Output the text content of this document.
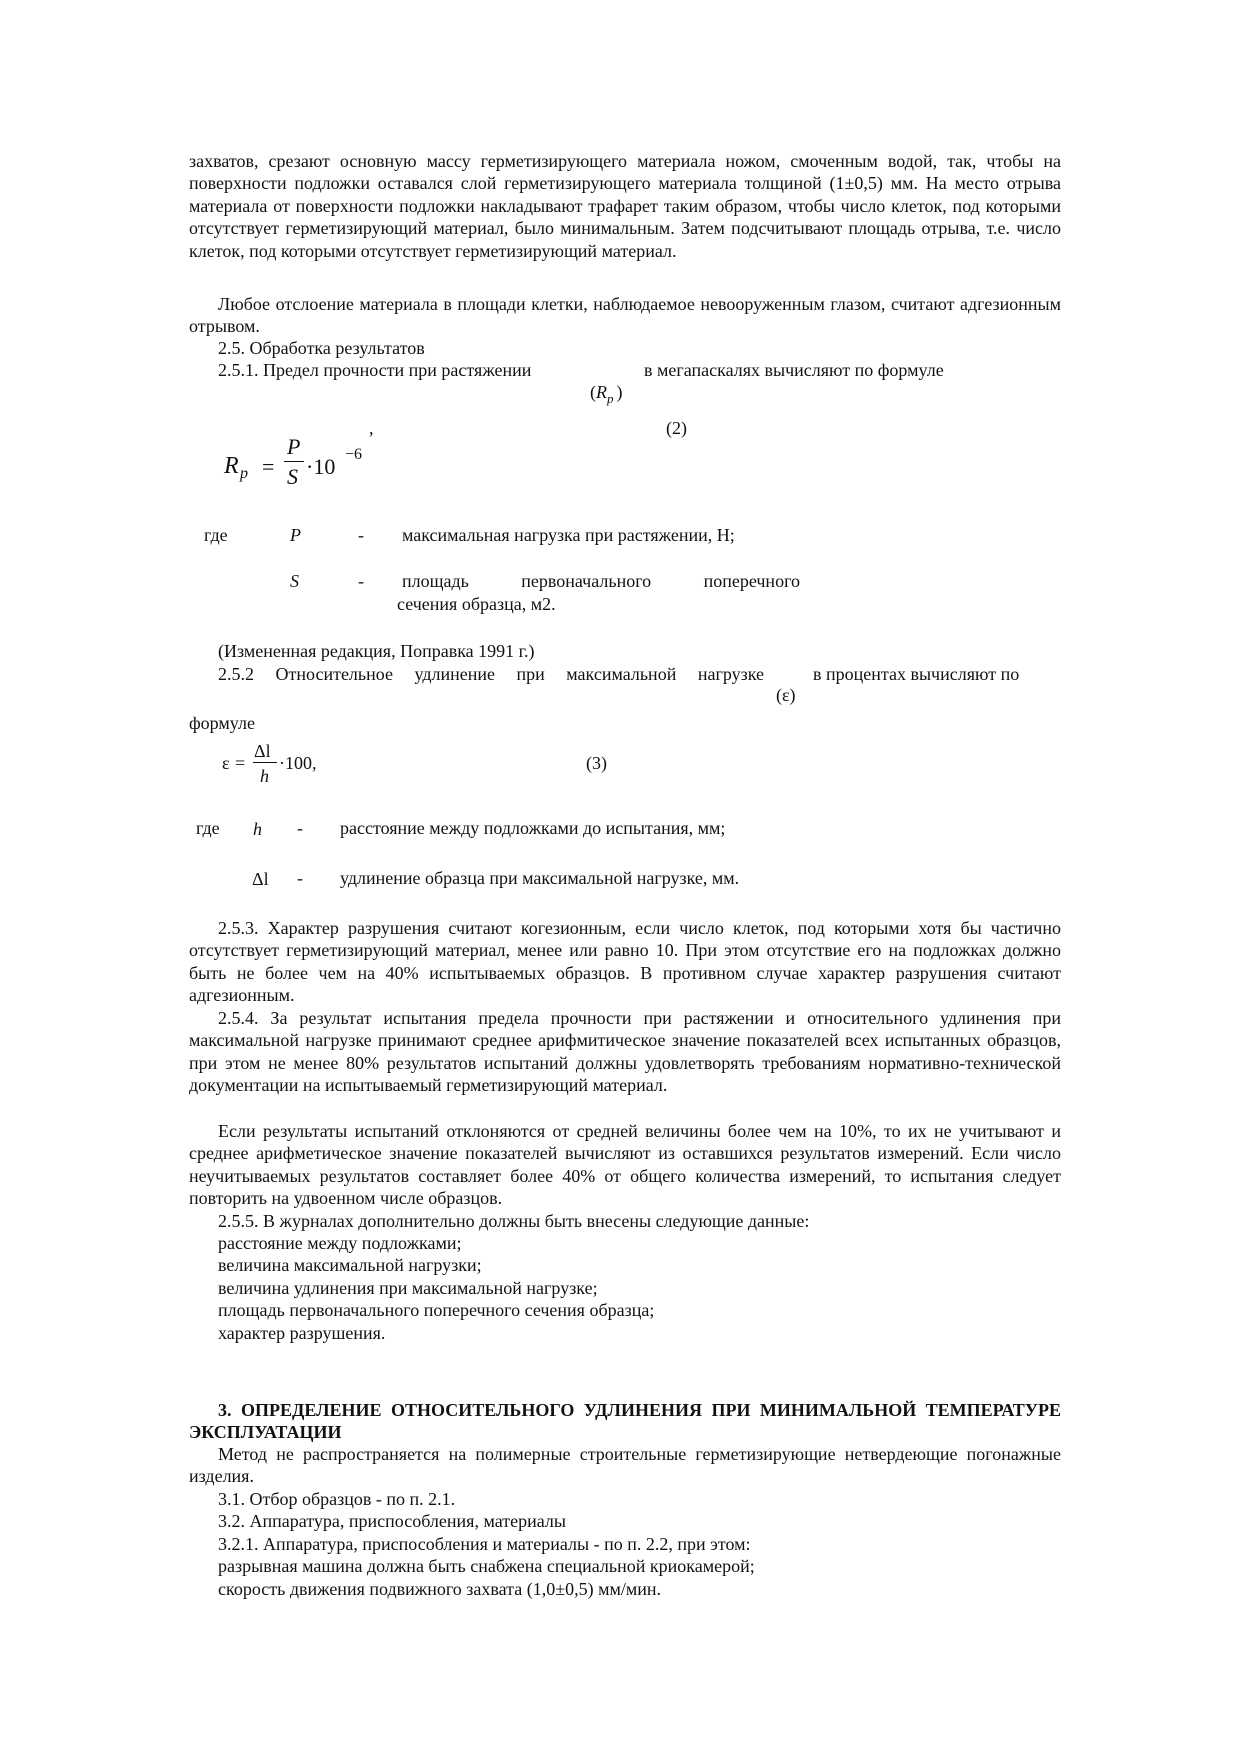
захватов, срезают основную массу герметизирующего материала ножом, смоченным водой, так, чтобы на поверхности подложки оставался слой герметизирующего материала толщиной (1±0,5) мм. На место отрыва материала от поверхности подложки накладывают трафарет таким образом, чтобы число клеток, под которыми отсутствует герметизирующий материал, было минимальным. Затем подсчитывают площадь отрыва, т.е. число клеток, под которыми отсутствует герметизирующий материал.

Любое отслоение материала в площади клетки, наблюдаемое невооруженным глазом, считают адгезионным отрывом.

2.5. Обработка результатов
2.5.1. Предел прочности при растяжении	в мегапаскалях вычисляют по формуле
($R_p$ )
R p =
P
S ·10 −6
,	(2)
где	P	- максимальная нагрузка при растяжении, Н;
S	- площадь первоначального поперечного
сечения образца, м2.
(Измененная редакция, Поправка 1991 г.)
2.5.2 Относительное удлинение при максимальной нагрузке	в процентах вычисляют по
(ε)
формуле
ε =
Δl
h
·100,	(3)
где h - расстояние между подложками до испытания, мм;
Δl - удлинение образца при максимальной нагрузке, мм.

2.5.3. Характер разрушения считают когезионным, если число клеток, под которыми хотя бы частично отсутствует герметизирующий материал, менее или равно 10. При этом отсутствие его на подложках должно быть не более чем на 40% испытываемых образцов. В противном случае характер разрушения считают адгезионным.

2.5.4. За результат испытания предела прочности при растяжении и относительного удлинения при максимальной нагрузке принимают среднее арифмитическое значение показателей всех испытанных образцов, при этом не менее 80% результатов испытаний должны удовлетворять требованиям нормативно-технической документации на испытываемый герметизирующий материал.

Если результаты испытаний отклоняются от средней величины более чем на 10%, то их не учитывают и среднее арифметическое значение показателей вычисляют из оставшихся результатов измерений. Если число неучитываемых результатов составляет более 40% от общего количества измерений, то испытания следует повторить на удвоенном числе образцов.

2.5.5. В журналах дополнительно должны быть внесены следующие данные:
расстояние между подложками;
величина максимальной нагрузки;
величина удлинения при максимальной нагрузке;
площадь первоначального поперечного сечения образца;
характер разрушения.

3. ОПРЕДЕЛЕНИЕ ОТНОСИТЕЛЬНОГО УДЛИНЕНИЯ ПРИ МИНИМАЛЬНОЙ ТЕМПЕРАТУРЕ ЭКСПЛУАТАЦИИ

Метод не распространяется на полимерные строительные герметизирующие нетвердеющие погонажные изделия.

3.1. Отбор образцов - по п. 2.1.
3.2. Аппаратура, приспособления, материалы
3.2.1. Аппаратура, приспособления и материалы - по п. 2.2, при этом:
разрывная машина должна быть снабжена специальной криокамерой;
скорость движения подвижного захвата (1,0±0,5) мм/мин.
